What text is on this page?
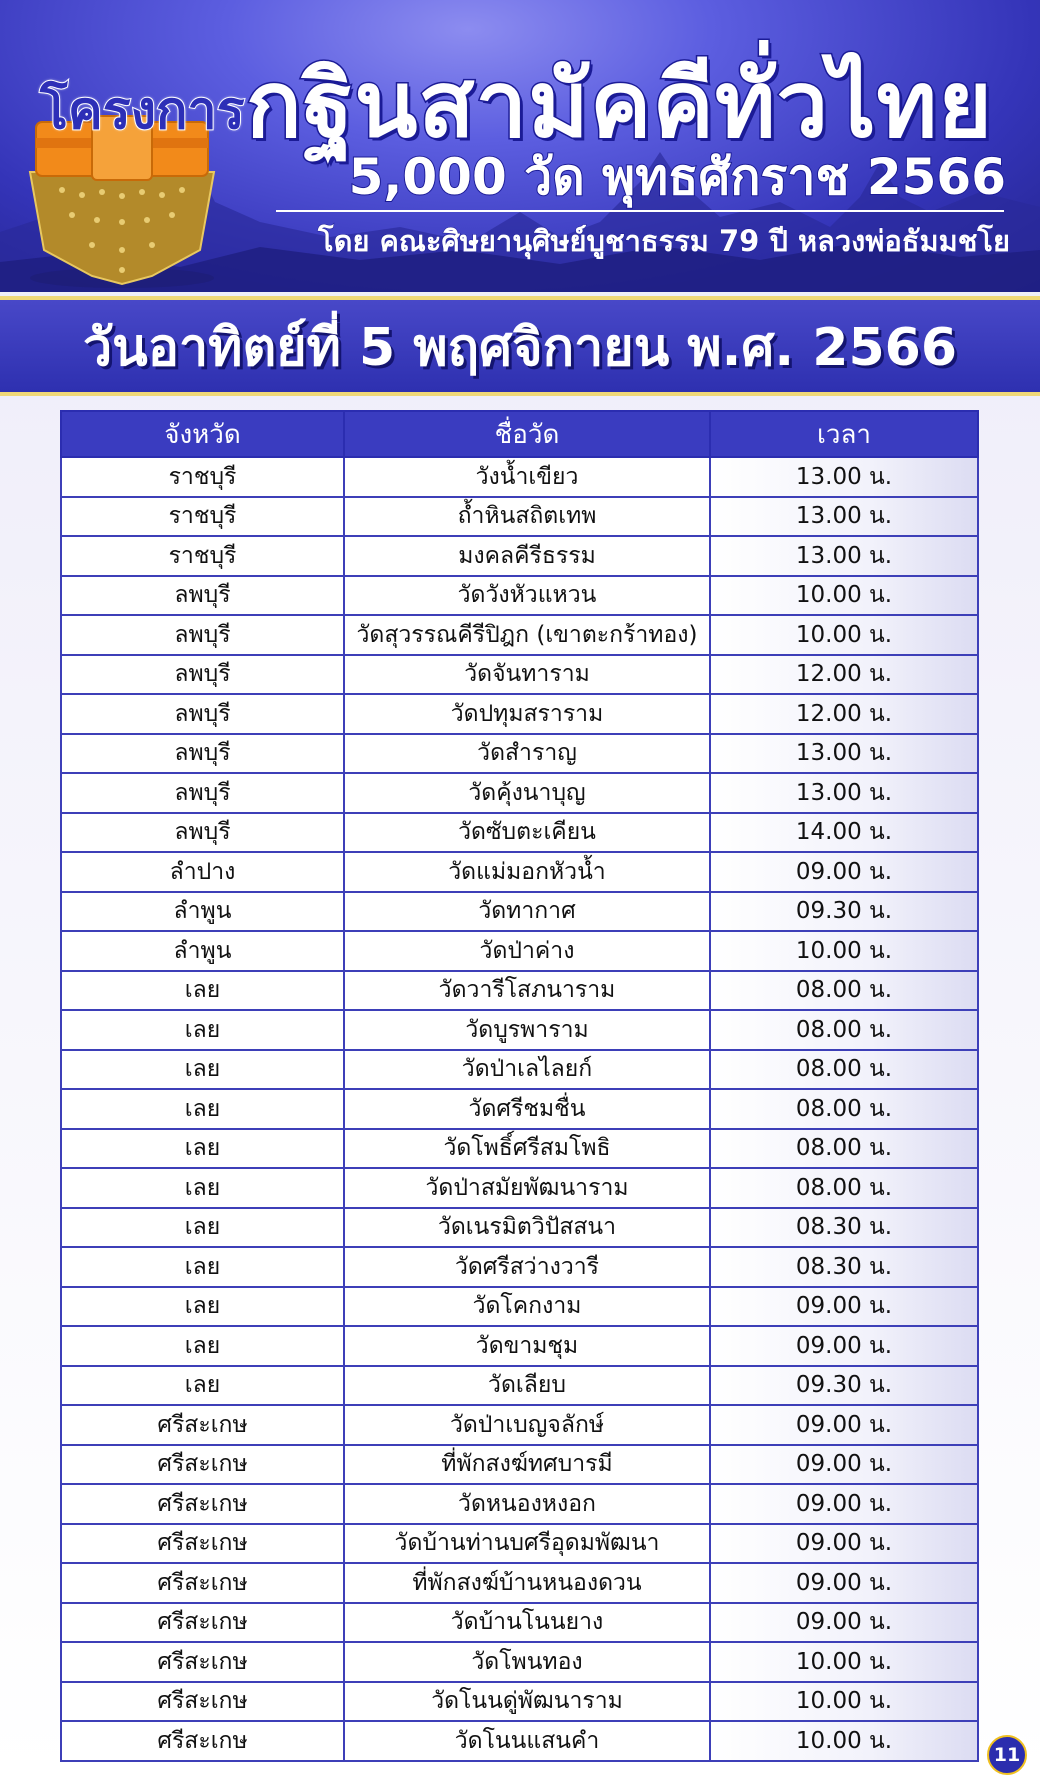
โครงการ กฐินสามัคคีทั่วไทย
5,000 วัด พุทธศักราช 2566
โดย คณะศิษยานุศิษย์บูชาธรรม 79 ปี หลวงพ่อธัมมชโย
วันอาทิตย์ที่ 5 พฤศจิกายน พ.ศ. 2566
จังหวัด	ชื่อวัด	เวลา
ราชบุรี	วังน้ำเขียว	13.00 น.
ราชบุรี	ถ้ำหินสถิตเทพ	13.00 น.
ราชบุรี	มงคลคีรีธรรม	13.00 น.
ลพบุรี	วัดวังหัวแหวน	10.00 น.
ลพบุรี	วัดสุวรรณคีรีปิฎก (เขาตะกร้าทอง)	10.00 น.
ลพบุรี	วัดจันทาราม	12.00 น.
ลพบุรี	วัดปทุมสราราม	12.00 น.
ลพบุรี	วัดสำราญ	13.00 น.
ลพบุรี	วัดคุ้งนาบุญ	13.00 น.
ลพบุรี	วัดซับตะเคียน	14.00 น.
ลำปาง	วัดแม่มอกหัวน้ำ	09.00 น.
ลำพูน	วัดทากาศ	09.30 น.
ลำพูน	วัดป่าค่าง	10.00 น.
เลย	วัดวารีโสภนาราม	08.00 น.
เลย	วัดบูรพาราม	08.00 น.
เลย	วัดป่าเลไลยก์	08.00 น.
เลย	วัดศรีชมชื่น	08.00 น.
เลย	วัดโพธิ์ศรีสมโพธิ	08.00 น.
เลย	วัดป่าสมัยพัฒนาราม	08.00 น.
เลย	วัดเนรมิตวิปัสสนา	08.30 น.
เลย	วัดศรีสว่างวารี	08.30 น.
เลย	วัดโคกงาม	09.00 น.
เลย	วัดขามชุม	09.00 น.
เลย	วัดเลียบ	09.30 น.
ศรีสะเกษ	วัดป่าเบญจลักษ์	09.00 น.
ศรีสะเกษ	ที่พักสงฆ์ทศบารมี	09.00 น.
ศรีสะเกษ	วัดหนองหงอก	09.00 น.
ศรีสะเกษ	วัดบ้านท่านบศรีอุดมพัฒนา	09.00 น.
ศรีสะเกษ	ที่พักสงฆ์บ้านหนองดวน	09.00 น.
ศรีสะเกษ	วัดบ้านโนนยาง	09.00 น.
ศรีสะเกษ	วัดโพนทอง	10.00 น.
ศรีสะเกษ	วัดโนนดู่พัฒนาราม	10.00 น.
ศรีสะเกษ	วัดโนนแสนคำ	10.00 น.
11
